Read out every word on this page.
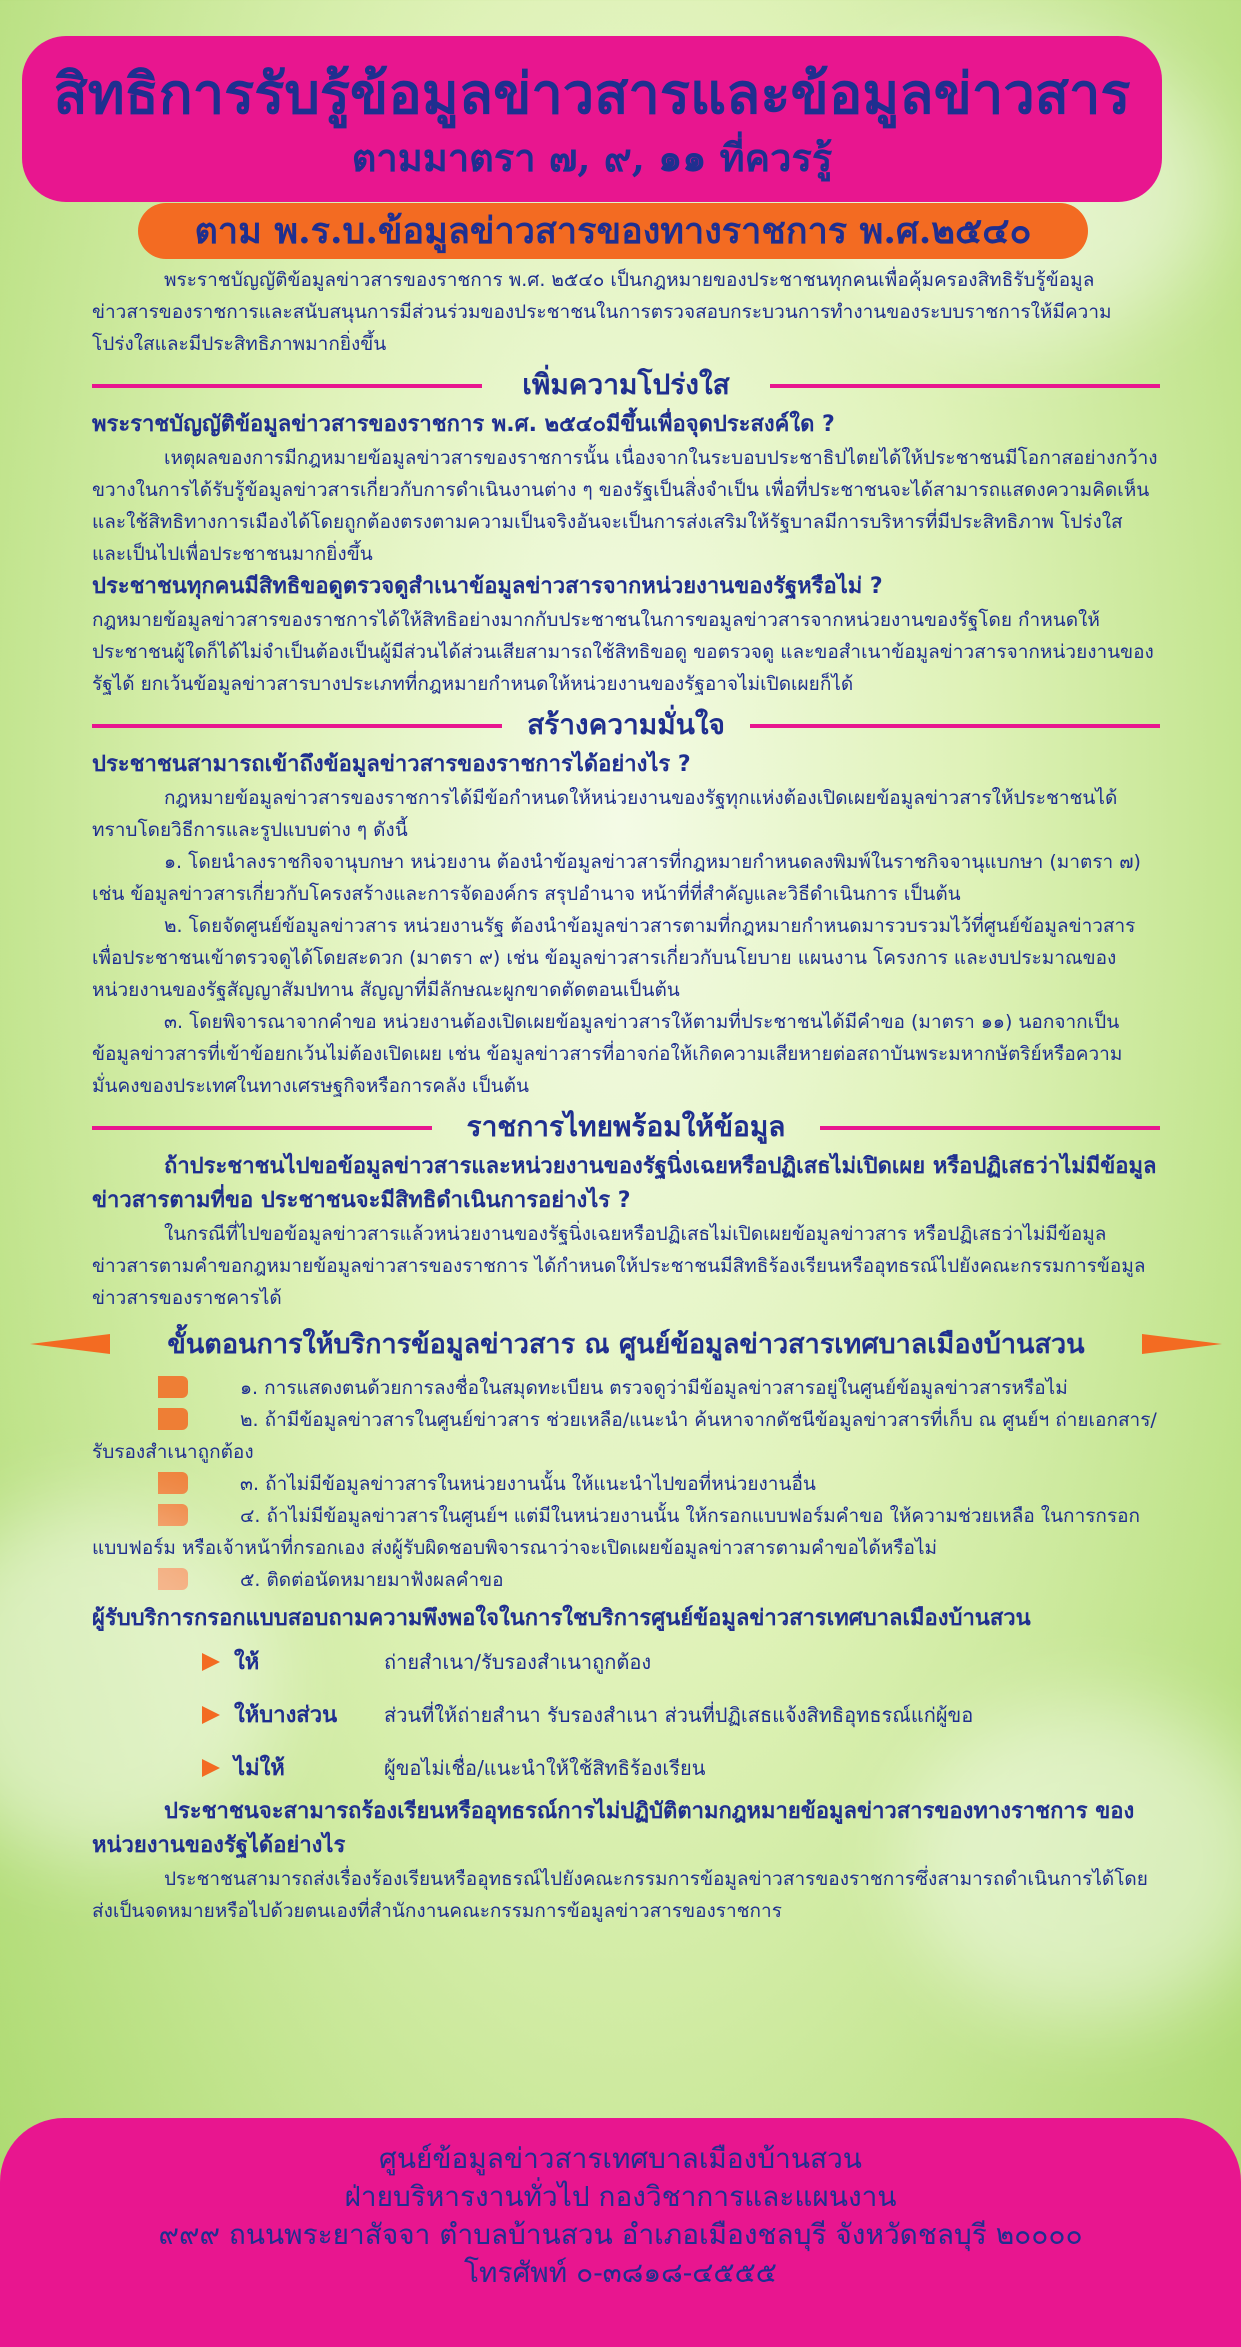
สิทธิการรับรู้ข้อมูลข่าวสารและข้อมูลข่าวสาร
ตามมาตรา ๗, ๙, ๑๑ ที่ควรรู้
ตาม พ.ร.บ.ข้อมูลข่าวสารของทางราชการ พ.ศ.๒๕๔๐

พระราชบัญญัติข้อมูลข่าวสารของราชการ พ.ศ. ๒๕๔๐ เป็นกฎหมายของประชาชนทุกคนเพื่อคุ้มครองสิทธิรับรู้ข้อมูลข่าวสารของราชการและสนับสนุนการมีส่วนร่วมของประชาชนในการตรวจสอบกระบวนการทำงานของระบบราชการให้มีความโปร่งใสและมีประสิทธิภาพมากยิ่งขึ้น

เพิ่มความโปร่งใส

พระราชบัญญัติข้อมูลข่าวสารของราชการ พ.ศ. ๒๕๔๐มีขึ้นเพื่อจุดประสงค์ใด ?

เหตุผลของการมีกฎหมายข้อมูลข่าวสารของราชการนั้น เนื่องจากในระบอบประชาธิปไตยได้ให้ประชาชนมีโอกาสอย่างกว้างขวางในการได้รับรู้ข้อมูลข่าวสารเกี่ยวกับการดำเนินงานต่าง ๆ ของรัฐเป็นสิ่งจำเป็น เพื่อที่ประชาชนจะได้สามารถแสดงความคิดเห็นและใช้สิทธิทางการเมืองได้โดยถูกต้องตรงตามความเป็นจริงอันจะเป็นการส่งเสริมให้รัฐบาลมีการบริหารที่มีประสิทธิภาพ โปร่งใส และเป็นไปเพื่อประชาชนมากยิ่งขึ้น

ประชาชนทุกคนมีสิทธิขอดูตรวจดูสำเนาข้อมูลข่าวสารจากหน่วยงานของรัฐหรือไม่ ?

กฎหมายข้อมูลข่าวสารของราชการได้ให้สิทธิอย่างมากกับประชาชนในการขอมูลข่าวสารจากหน่วยงานของรัฐโดย กำหนดให้ประชาชนผู้ใดก็ได้ไม่จำเป็นต้องเป็นผู้มีส่วนได้ส่วนเสียสามารถใช้สิทธิขอดู ขอตรวจดู และขอสำเนาข้อมูลข่าวสารจากหน่วยงานของรัฐได้ ยกเว้นข้อมูลข่าวสารบางประเภทที่กฎหมายกำหนดให้หน่วยงานของรัฐอาจไม่เปิดเผยก็ได้

สร้างความมั่นใจ

ประชาชนสามารถเข้าถึงข้อมูลข่าวสารของราชการได้อย่างไร ?

กฎหมายข้อมูลข่าวสารของราชการได้มีข้อกำหนดให้หน่วยงานของรัฐทุกแห่งต้องเปิดเผยข้อมูลข่าวสารให้ประชาชนได้ทราบโดยวิธีการและรูปแบบต่าง ๆ ดังนี้

๑. โดยนำลงราชกิจจานุบกษา หน่วยงาน ต้องนำข้อมูลข่าวสารที่กฎหมายกำหนดลงพิมพ์ในราชกิจจานุแบกษา (มาตรา ๗) เช่น ข้อมูลข่าวสารเกี่ยวกับโครงสร้างและการจัดองค์กร สรุปอำนาจ หน้าที่ที่สำคัญและวิธีดำเนินการ เป็นต้น

๒. โดยจัดศูนย์ข้อมูลข่าวสาร หน่วยงานรัฐ ต้องนำข้อมูลข่าวสารตามที่กฎหมายกำหนดมารวบรวมไว้ที่ศูนย์ข้อมูลข่าวสารเพื่อประชาชนเข้าตรวจดูได้โดยสะดวก (มาตรา ๙) เช่น ข้อมูลข่าวสารเกี่ยวกับนโยบาย แผนงาน โครงการ และงบประมาณของหน่วยงานของรัฐสัญญาสัมปทาน สัญญาที่มีลักษณะผูกขาดตัดตอนเป็นต้น

๓. โดยพิจารณาจากคำขอ หน่วยงานต้องเปิดเผยข้อมูลข่าวสารให้ตามที่ประชาชนได้มีคำขอ (มาตรา ๑๑) นอกจากเป็นข้อมูลข่าวสารที่เข้าข้อยกเว้นไม่ต้องเปิดเผย เช่น ข้อมูลข่าวสารที่อาจก่อให้เกิดความเสียหายต่อสถาบันพระมหากษัตริย์หรือความมั่นคงของประเทศในทางเศรษฐกิจหรือการคลัง เป็นต้น

ราชการไทยพร้อมให้ข้อมูล

ถ้าประชาชนไปขอข้อมูลข่าวสารและหน่วยงานของรัฐนิ่งเฉยหรือปฏิเสธไม่เปิดเผย หรือปฏิเสธว่าไม่มีข้อมูลข่าวสารตามที่ขอ ประชาชนจะมีสิทธิดำเนินการอย่างไร ?

ในกรณีที่ไปขอข้อมูลข่าวสารแล้วหน่วยงานของรัฐนิ่งเฉยหรือปฏิเสธไม่เปิดเผยข้อมูลข่าวสาร หรือปฏิเสธว่าไม่มีข้อมูลข่าวสารตามคำขอกฎหมายข้อมูลข่าวสารของราชการ ได้กำหนดให้ประชาชนมีสิทธิร้องเรียนหรืออุทธรณ์ไปยังคณะกรรมการข้อมูลข่าวสารของราชคารได้

ขั้นตอนการให้บริการข้อมูลข่าวสาร ณ ศูนย์ข้อมูลข่าวสารเทศบาลเมืองบ้านสวน

๑. การแสดงตนด้วยการลงชื่อในสมุดทะเบียน ตรวจดูว่ามีข้อมูลข่าวสารอยู่ในศูนย์ข้อมูลข่าวสารหรือไม่

๒. ถ้ามีข้อมูลข่าวสารในศูนย์ข่าวสาร ช่วยเหลือ/แนะนำ ค้นหาจากดัชนีข้อมูลข่าวสารที่เก็บ ณ ศูนย์ฯ ถ่ายเอกสาร/รับรองสำเนาถูกต้อง

๓. ถ้าไม่มีข้อมูลข่าวสารในหน่วยงานนั้น ให้แนะนำไปขอที่หน่วยงานอื่น

๔. ถ้าไม่มีข้อมูลข่าวสารในศูนย์ฯ แต่มีในหน่วยงานนั้น ให้กรอกแบบฟอร์มคำขอ ให้ความช่วยเหลือ ในการกรอกแบบฟอร์ม หรือเจ้าหน้าที่กรอกเอง ส่งผู้รับผิดชอบพิจารณาว่าจะเปิดเผยข้อมูลข่าวสารตามคำขอได้หรือไม่

๕. ติดต่อนัดหมายมาฟังผลคำขอ

ผู้รับบริการกรอกแบบสอบถามความพึงพอใจในการใชบริการศูนย์ข้อมูลข่าวสารเทศบาลเมืองบ้านสวน

ให้	ถ่ายสำเนา/รับรองสำเนาถูกต้อง
ให้บางส่วน ส่วนที่ให้ถ่ายสำนา รับรองสำเนา ส่วนที่ปฏิเสธแจ้งสิทธิอุทธรณ์แก่ผู้ขอ
ไม่ให้	ผู้ขอไม่เชื่อ/แนะนำให้ใช้สิทธิร้องเรียน

ประชาชนจะสามารถร้องเรียนหรืออุทธรณ์การไม่ปฏิบัติตามกฎหมายข้อมูลข่าวสารของทางราชการ ของหน่วยงานของรัฐได้อย่างไร

ประชาชนสามารถส่งเรื่องร้องเรียนหรืออุทธรณ์ไปยังคณะกรรมการข้อมูลข่าวสารของราชการซึ่งสามารถดำเนินการได้โดยส่งเป็นจดหมายหรือไปด้วยตนเองที่สำนักงานคณะกรรมการข้อมูลข่าวสารของราชการ

ศูนย์ข้อมูลข่าวสารเทศบาลเมืองบ้านสวน
ฝ่ายบริหารงานทั่วไป กองวิชาการและแผนงาน
๙๙๙ ถนนพระยาสัจจา ตำบลบ้านสวน อำเภอเมืองชลบุรี จังหวัดชลบุรี ๒๐๐๐๐
โทรศัพท์ ๐-๓๘๑๘-๔๕๕๕
